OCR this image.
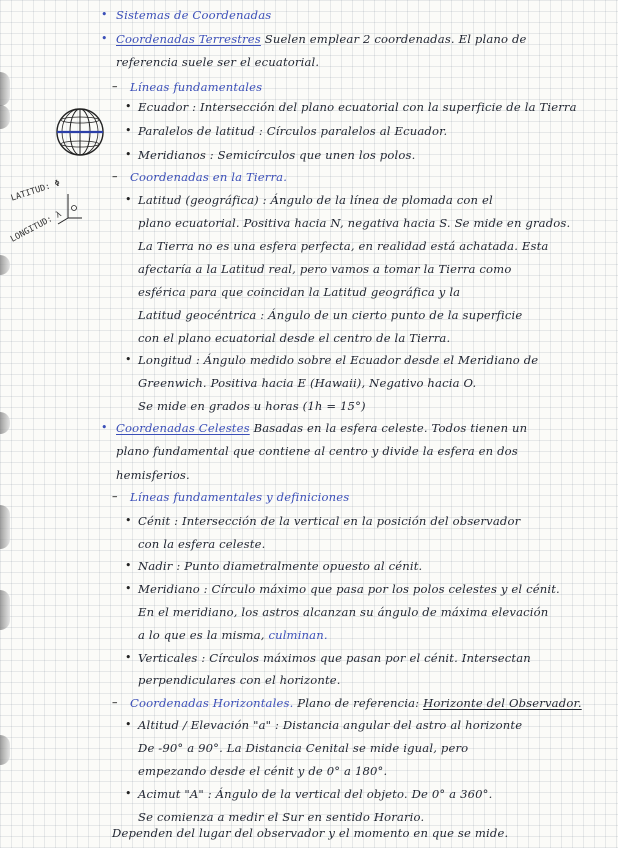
LATITUD: Φ
LONGITUD: λ
• Sistemas de Coordenadas
• Coordenadas Terrestres Suelen emplear 2 coordenadas. El plano de
referencia suele ser el ecuatorial.
– Líneas fundamentales
• Ecuador : Intersección del plano ecuatorial con la superficie de la Tierra
• Paralelos de latitud : Círculos paralelos al Ecuador.
• Meridianos : Semicírculos que unen los polos.
– Coordenadas en la Tierra.
• Latitud (geográfica) : Ángulo de la línea de plomada con el
plano ecuatorial. Positiva hacia N, negativa hacia S. Se mide en grados.
La Tierra no es una esfera perfecta, en realidad está achatada. Esta
afectaría a la Latitud real, pero vamos a tomar la Tierra como
esférica para que coincidan la Latitud geográfica y la
Latitud geocéntrica : Ángulo de un cierto punto de la superficie
con el plano ecuatorial desde el centro de la Tierra.
• Longitud : Ángulo medido sobre el Ecuador desde el Meridiano de
Greenwich. Positiva hacia E (Hawaii), Negativo hacia O.
Se mide en grados u horas (1h = 15°)
• Coordenadas Celestes Basadas en la esfera celeste. Todos tienen un
plano fundamental que contiene al centro y divide la esfera en dos
hemisferios.
– Líneas fundamentales y definiciones
• Cénit : Intersección de la vertical en la posición del observador
con la esfera celeste.
• Nadir : Punto diametralmente opuesto al cénit.
• Meridiano : Círculo máximo que pasa por los polos celestes y el cénit.
En el meridiano, los astros alcanzan su ángulo de máxima elevación
a lo que es la misma, culminan.
• Verticales : Círculos máximos que pasan por el cénit. Intersectan
perpendiculares con el horizonte.
– Coordenadas Horizontales. Plano de referencia: Horizonte del Observador.
• Altitud / Elevación "a" : Distancia angular del astro al horizonte
De -90° a 90°. La Distancia Cenital se mide igual, pero
empezando desde el cénit y de 0° a 180°.
• Acimut "A" : Ángulo de la vertical del objeto. De 0° a 360°.
Se comienza a medir el Sur en sentido Horario.
Dependen del lugar del observador y el momento en que se mide.
